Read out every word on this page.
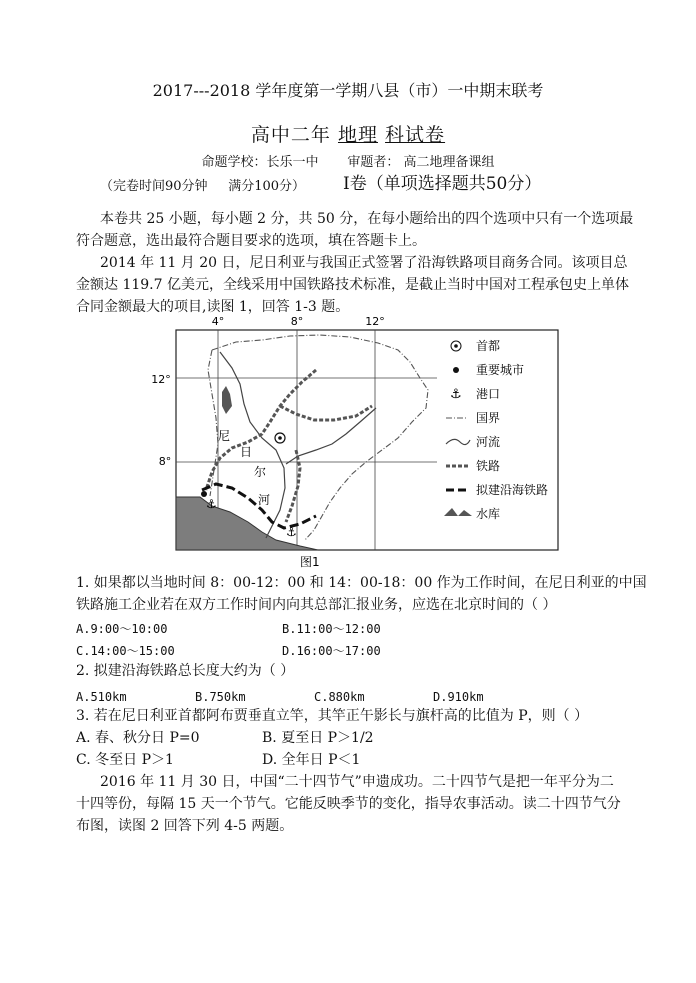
2017---2018 学年度第一学期八县（市）一中期末联考
高中二年 地理 科试卷
命题学校：长乐一中 审题者： 高二地理备课组
（完卷时间90分钟 满分100分） Ⅰ卷（单项选择题共50分）
本卷共 25 小题，每小题 2 分，共 50 分，在每小题给出的四个选项中只有一个选项最
符合题意，选出最符合题目要求的选项，填在答题卡上。
2014 年 11 月 20 日，尼日利亚与我国正式签署了沿海铁路项目商务合同。该项目总
金额达 119.7 亿美元，全线采用中国铁路技术标准，是截止当时中国对工程承包史上单体
合同金额最大的项目,读图 1，回答 1-3 题。
4°	8°	12°
12°
8°
⚓
⚓
尼
日
尔
河
首都
重要城市
⚓ 港口
国界
河流
铁路
拟建沿海铁路
水库
图1
1. 如果都以当地时间 8：00-12：00 和 14：00-18：00 作为工作时间，在尼日利亚的中国
铁路施工企业若在双方工作时间内向其总部汇报业务，应选在北京时间的（ ）
A.9:00～10:00	B.11:00～12:00
C.14:00～15:00	D.16:00～17:00
2. 拟建沿海铁路总长度大约为（ ）
A.510km	B.750km	C.880km	D.910km
3. 若在尼日利亚首都阿布贾垂直立竿，其竿正午影长与旗杆高的比值为 P，则（ ）
A. 春、秋分日 P=0	B. 夏至日 P＞1/2
C. 冬至日 P＞1	D. 全年日 P＜1
2016 年 11 月 30 日，中国“二十四节气”申遗成功。二十四节气是把一年平分为二
十四等份，每隔 15 天一个节气。它能反映季节的变化，指导农事活动。读二十四节气分
布图，读图 2 回答下列 4-5 两题。
